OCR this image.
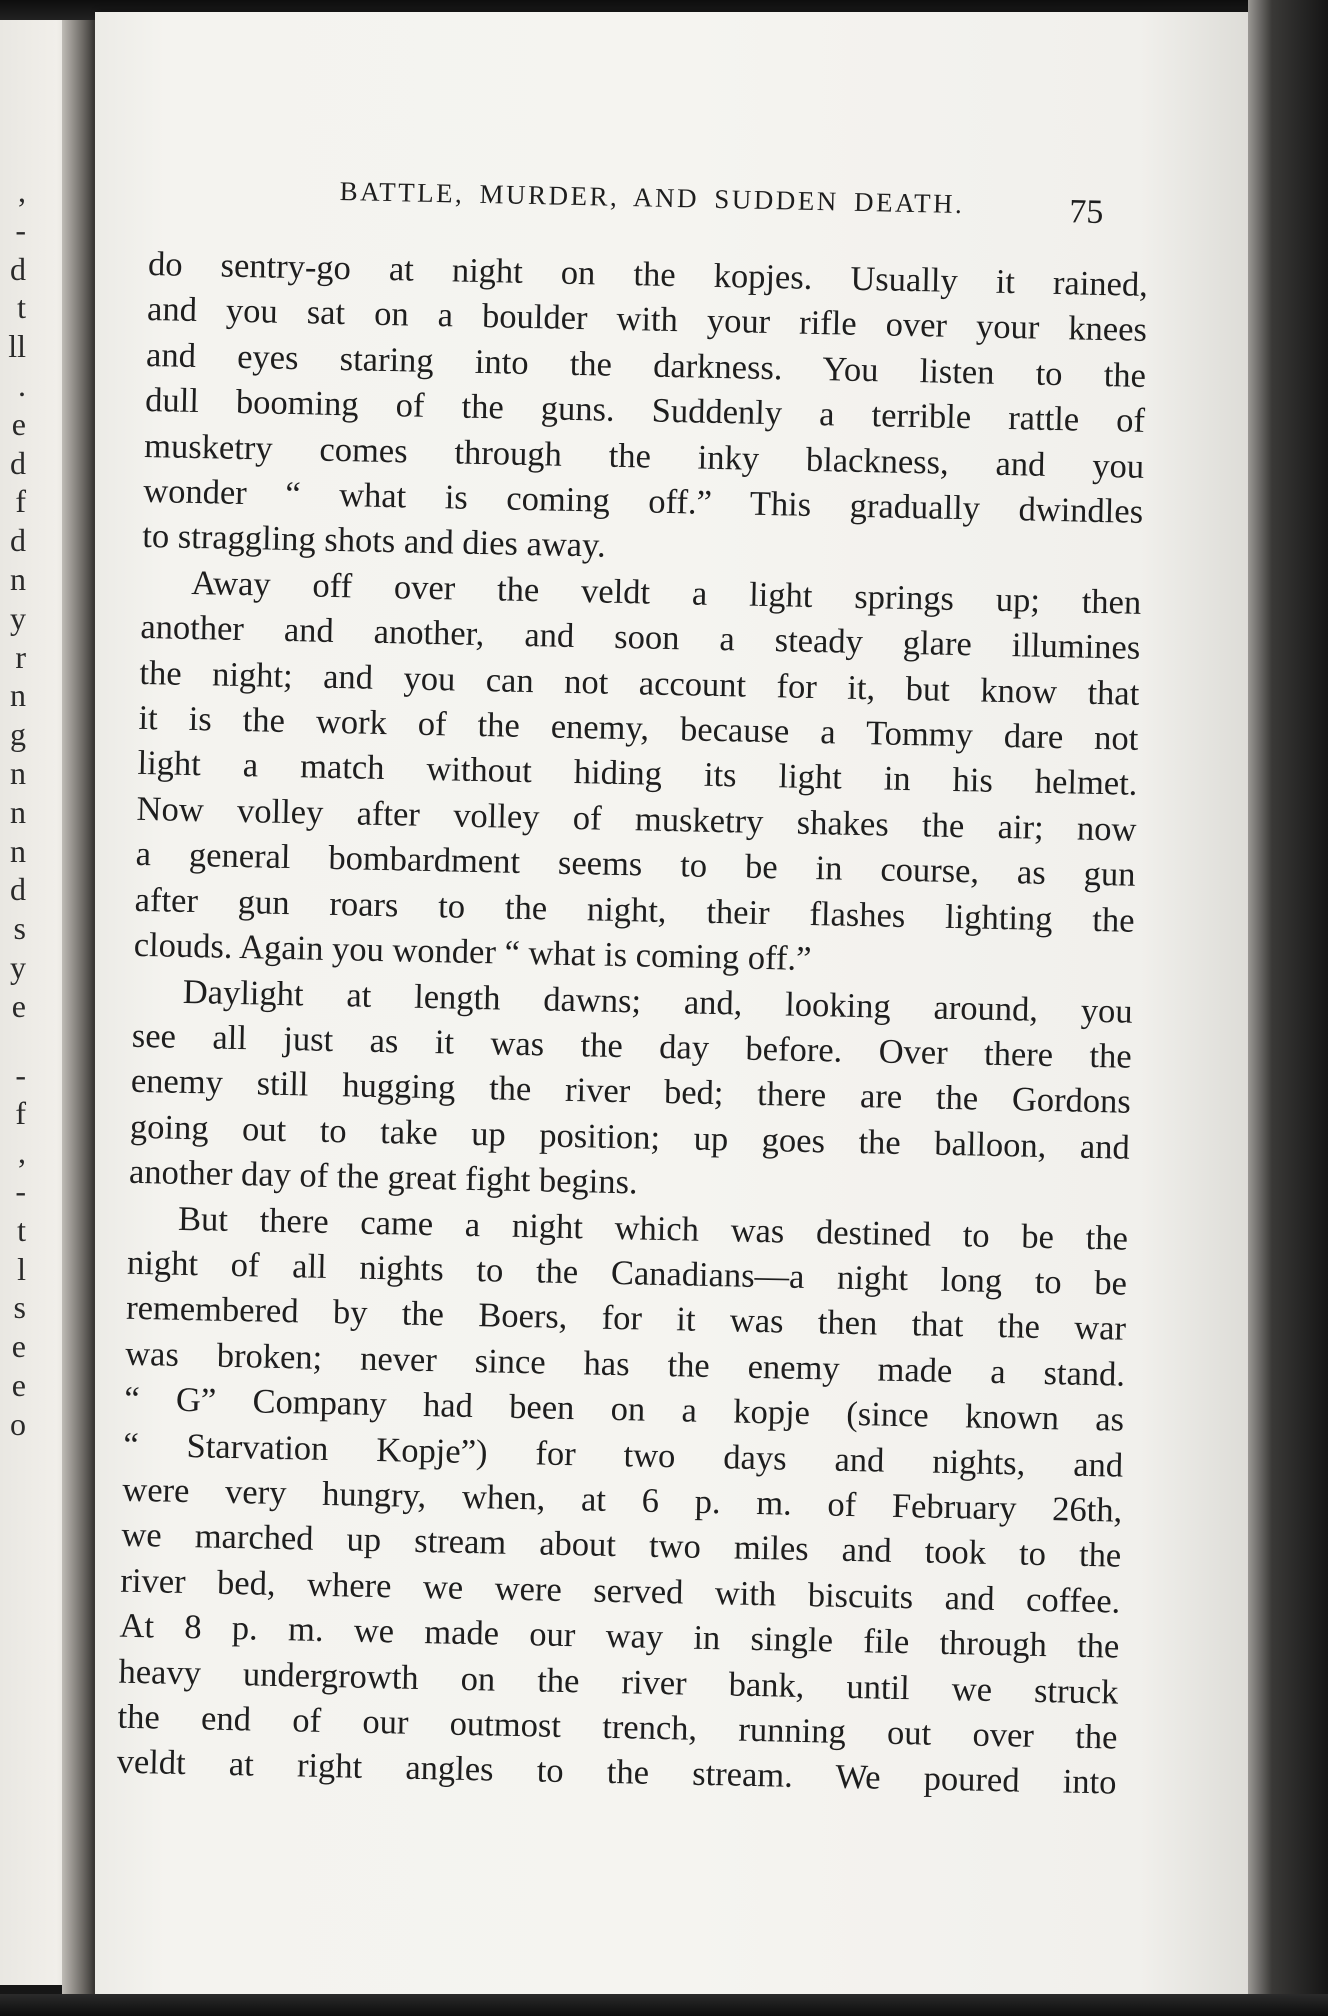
,
-
d
t
ll
.
e
d
f
d
n
y
r
n
g
n
n
n
d
s
y
e
-
f
,
-
t
l
s
e
e
o
BATTLE, MURDER, AND SUDDEN DEATH.	75
do sentry-go at night on the kopjes. Usually it rained,
and you sat on a boulder with your rifle over your knees
and eyes staring into the darkness. You listen to the
dull booming of the guns. Suddenly a terrible rattle of
musketry comes through the inky blackness, and you
wonder “ what is coming off.” This gradually dwindles
to straggling shots and dies away.
Away off over the veldt a light springs up; then
another and another, and soon a steady glare illumines
the night; and you can not account for it, but know that
it is the work of the enemy, because a Tommy dare not
light a match without hiding its light in his helmet.
Now volley after volley of musketry shakes the air; now
a general bombardment seems to be in course, as gun
after gun roars to the night, their flashes lighting the
clouds. Again you wonder “ what is coming off.”
Daylight at length dawns; and, looking around, you
see all just as it was the day before. Over there the
enemy still hugging the river bed; there are the Gordons
going out to take up position; up goes the balloon, and
another day of the great fight begins.
But there came a night which was destined to be the
night of all nights to the Canadians—a night long to be
remembered by the Boers, for it was then that the war
was broken; never since has the enemy made a stand.
“ G” Company had been on a kopje (since known as
“ Starvation Kopje”) for two days and nights, and
were very hungry, when, at 6 p. m. of February 26th,
we marched up stream about two miles and took to the
river bed, where we were served with biscuits and coffee.
At 8 p. m. we made our way in single file through the
heavy undergrowth on the river bank, until we struck
the end of our outmost trench, running out over the
veldt at right angles to the stream. We poured into
